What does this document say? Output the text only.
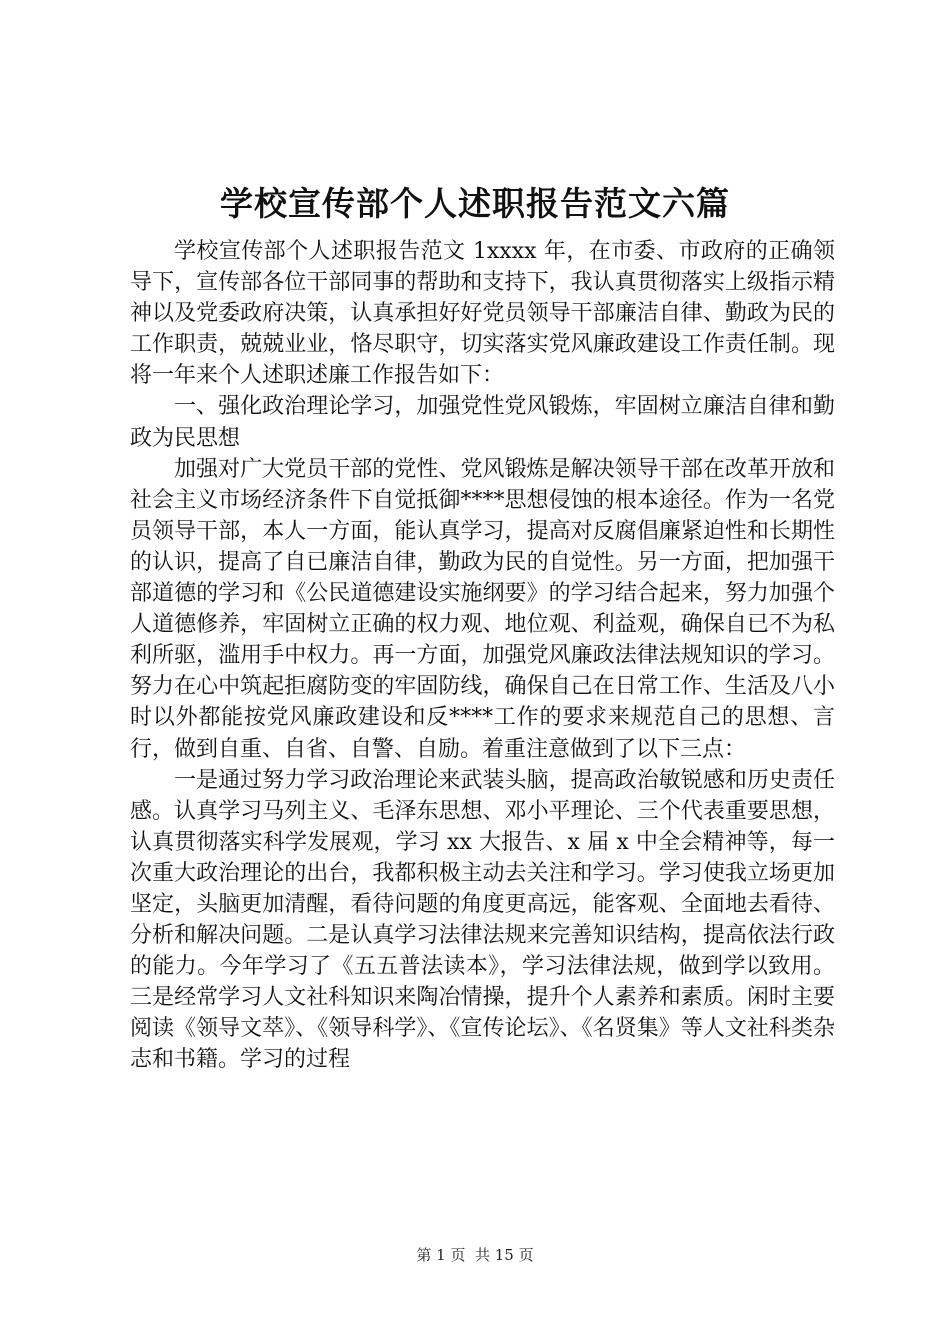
学校宣传部个人述职报告范文六篇

学校宣传部个人述职报告范文 1xxxx 年，在市委、市政府的正确领导下，宣传部各位干部同事的帮助和支持下，我认真贯彻落实上级指示精神以及党委政府决策，认真承担好好党员领导干部廉洁自律、勤政为民的工作职责，兢兢业业，恪尽职守，切实落实党风廉政建设工作责任制。现将一年来个人述职述廉工作报告如下：

一、强化政治理论学习，加强党性党风锻炼，牢固树立廉洁自律和勤政为民思想

加强对广大党员干部的党性、党风锻炼是解决领导干部在改革开放和社会主义市场经济条件下自觉抵御****思想侵蚀的根本途径。作为一名党员领导干部，本人一方面，能认真学习，提高对反腐倡廉紧迫性和长期性的认识，提高了自已廉洁自律，勤政为民的自觉性。另一方面，把加强干部道德的学习和《公民道德建设实施纲要》的学习结合起来，努力加强个人道德修养，牢固树立正确的权力观、地位观、利益观，确保自已不为私利所驱，滥用手中权力。再一方面，加强党风廉政法律法规知识的学习。努力在心中筑起拒腐防变的牢固防线，确保自己在日常工作、生活及八小时以外都能按党风廉政建设和反****工作的要求来规范自己的思想、言行，做到自重、自省、自警、自励。着重注意做到了以下三点：

一是通过努力学习政治理论来武装头脑，提高政治敏锐感和历史责任感。认真学习马列主义、毛泽东思想、邓小平理论、三个代表重要思想，认真贯彻落实科学发展观，学习 xx 大报告、x 届 x 中全会精神等，每一次重大政治理论的出台，我都积极主动去关注和学习。学习使我立场更加坚定，头脑更加清醒，看待问题的角度更高远，能客观、全面地去看待、分析和解决问题。二是认真学习法律法规来完善知识结构，提高依法行政的能力。今年学习了《五五普法读本》，学习法律法规，做到学以致用。三是经常学习人文社科知识来陶冶情操，提升个人素养和素质。闲时主要阅读《领导文萃》、《领导科学》、《宣传论坛》、《名贤集》等人文社科类杂志和书籍。学习的过程

第 1 页  共 15 页
